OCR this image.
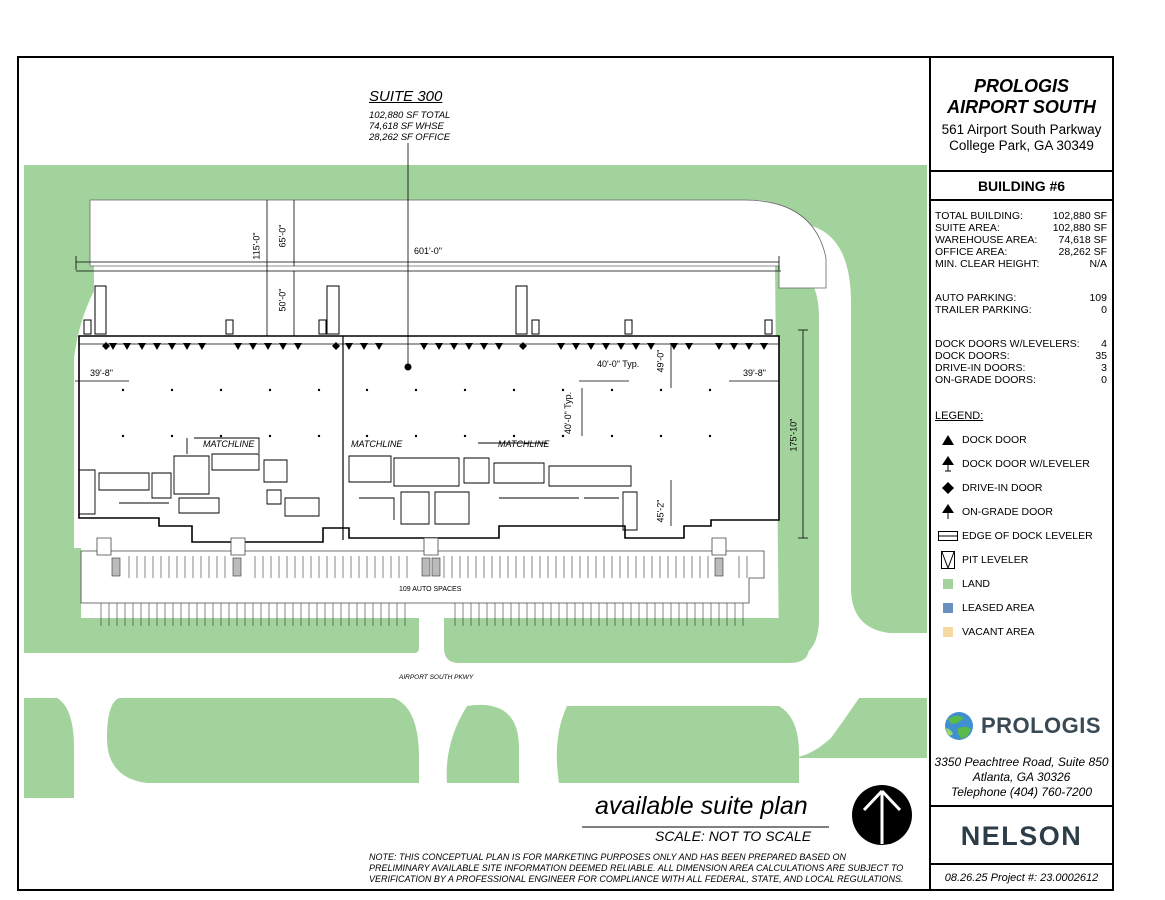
SUITE 300
102,880 SF TOTAL
74,618 SF WHSE
28,262 SF OFFICE
601'-0"
115'-0" 65'-0"
50'-0"
39'-8"	39'-8"
40'-0" Typ.
40'-0" Typ.
49'-0"
175'-10"
45'-2"
MATCHLINE	MATCHLINE	MATCHLINE
109 AUTO SPACES
AIRPORT SOUTH PKWY
available suite plan
SCALE: NOT TO SCALE
NOTE: THIS CONCEPTUAL PLAN IS FOR MARKETING PURPOSES ONLY AND HAS BEEN PREPARED BASED ON
PRELIMINARY AVAILABLE SITE INFORMATION DEEMED RELIABLE. ALL DIMENSION AREA CALCULATIONS ARE SUBJECT TO
VERIFICATION BY A PROFESSIONAL ENGINEER FOR COMPLIANCE WITH ALL FEDERAL, STATE, AND LOCAL REGULATIONS.
PROLOGIS
AIRPORT SOUTH
561 Airport South Parkway
College Park, GA 30349
BUILDING #6
TOTAL BUILDING:	102,880 SF
SUITE AREA:	102,880 SF
WAREHOUSE AREA: 74,618 SF
OFFICE AREA:	28,262 SF
MIN. CLEAR HEIGHT:	N/A
AUTO PARKING:	109
TRAILER PARKING:	0
DOCK DOORS W/LEVELERS: 4
DOCK DOORS:	35
DRIVE-IN DOORS:	3
ON-GRADE DOORS:	0
LEGEND:
DOCK DOOR
DOCK DOOR W/LEVELER
DRIVE-IN DOOR
ON-GRADE DOOR
EDGE OF DOCK LEVELER
PIT LEVELER
LAND
LEASED AREA
VACANT AREA
PROLOGIS
3350 Peachtree Road, Suite 850
Atlanta, GA 30326
Telephone (404) 760-7200
NELSON
08.26.25 Project #: 23.0002612
